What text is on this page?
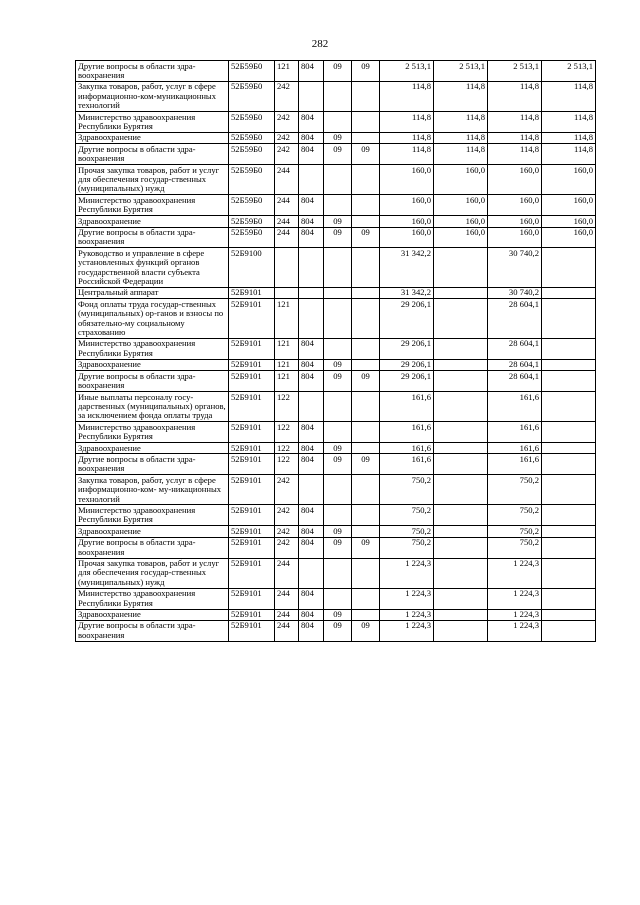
282
Другие вопросы в области здра-воохранения	52Б59Б0	121	804	09	09	2 513,1	2 513,1	2 513,1	2 513,1
Закупка товаров, работ, услуг в сфере информационно-ком-муникационных технологий	52Б59Б0	242				114,8	114,8	114,8	114,8
Министерство здравоохранения Республики Бурятия	52Б59Б0	242	804			114,8	114,8	114,8	114,8
Здравоохранение	52Б59Б0	242	804	09		114,8	114,8	114,8	114,8
Другие вопросы в области здра-воохранения	52Б59Б0	242	804	09	09	114,8	114,8	114,8	114,8
Прочая закупка товаров, работ и услуг для обеспечения государ-ственных (муниципальных) нужд	52Б59Б0	244				160,0	160,0	160,0	160,0
Министерство здравоохранения Республики Бурятия	52Б59Б0	244	804			160,0	160,0	160,0	160,0
Здравоохранение	52Б59Б0	244	804	09		160,0	160,0	160,0	160,0
Другие вопросы в области здра-воохранения	52Б59Б0	244	804	09	09	160,0	160,0	160,0	160,0
Руководство и управление в сфере установленных функций органов государственной власти субъекта Российской Федерации	52Б9100					31 342,2		30 740,2	
Центральный аппарат	52Б9101					31 342,2		30 740,2	
Фонд оплаты труда государ-ственных (муниципальных) ор-ганов и взносы по обязательно-му социальному страхованию	52Б9101	121				29 206,1		28 604,1	
Министерство здравоохранения Республики Бурятия	52Б9101	121	804			29 206,1		28 604,1	
Здравоохранение	52Б9101	121	804	09		29 206,1		28 604,1	
Другие вопросы в области здра-воохранения	52Б9101	121	804	09	09	29 206,1		28 604,1	
Иные выплаты персоналу госу-дарственных (муниципальных) органов, за исключением фонда оплаты труда	52Б9101	122				161,6		161,6	
Министерство здравоохранения Республики Бурятия	52Б9101	122	804			161,6		161,6	
Здравоохранение	52Б9101	122	804	09		161,6		161,6	
Другие вопросы в области здра-воохранения	52Б9101	122	804	09	09	161,6		161,6	
Закупка товаров, работ, услуг в сфере информационно-ком- му-никационных технологий	52Б9101	242				750,2		750,2	
Министерство здравоохранения Республики Бурятия	52Б9101	242	804			750,2		750,2	
Здравоохранение	52Б9101	242	804	09		750,2		750,2	
Другие вопросы в области здра-воохранения	52Б9101	242	804	09	09	750,2		750,2	
Прочая закупка товаров, работ и услуг для обеспечения государ-ственных (муниципальных) нужд	52Б9101	244				1 224,3		1 224,3	
Министерство здравоохранения Республики Бурятия	52Б9101	244	804			1 224,3		1 224,3	
Здравоохранение	52Б9101	244	804	09		1 224,3		1 224,3	
Другие вопросы в области здра-воохранения	52Б9101	244	804	09	09	1 224,3		1 224,3	
